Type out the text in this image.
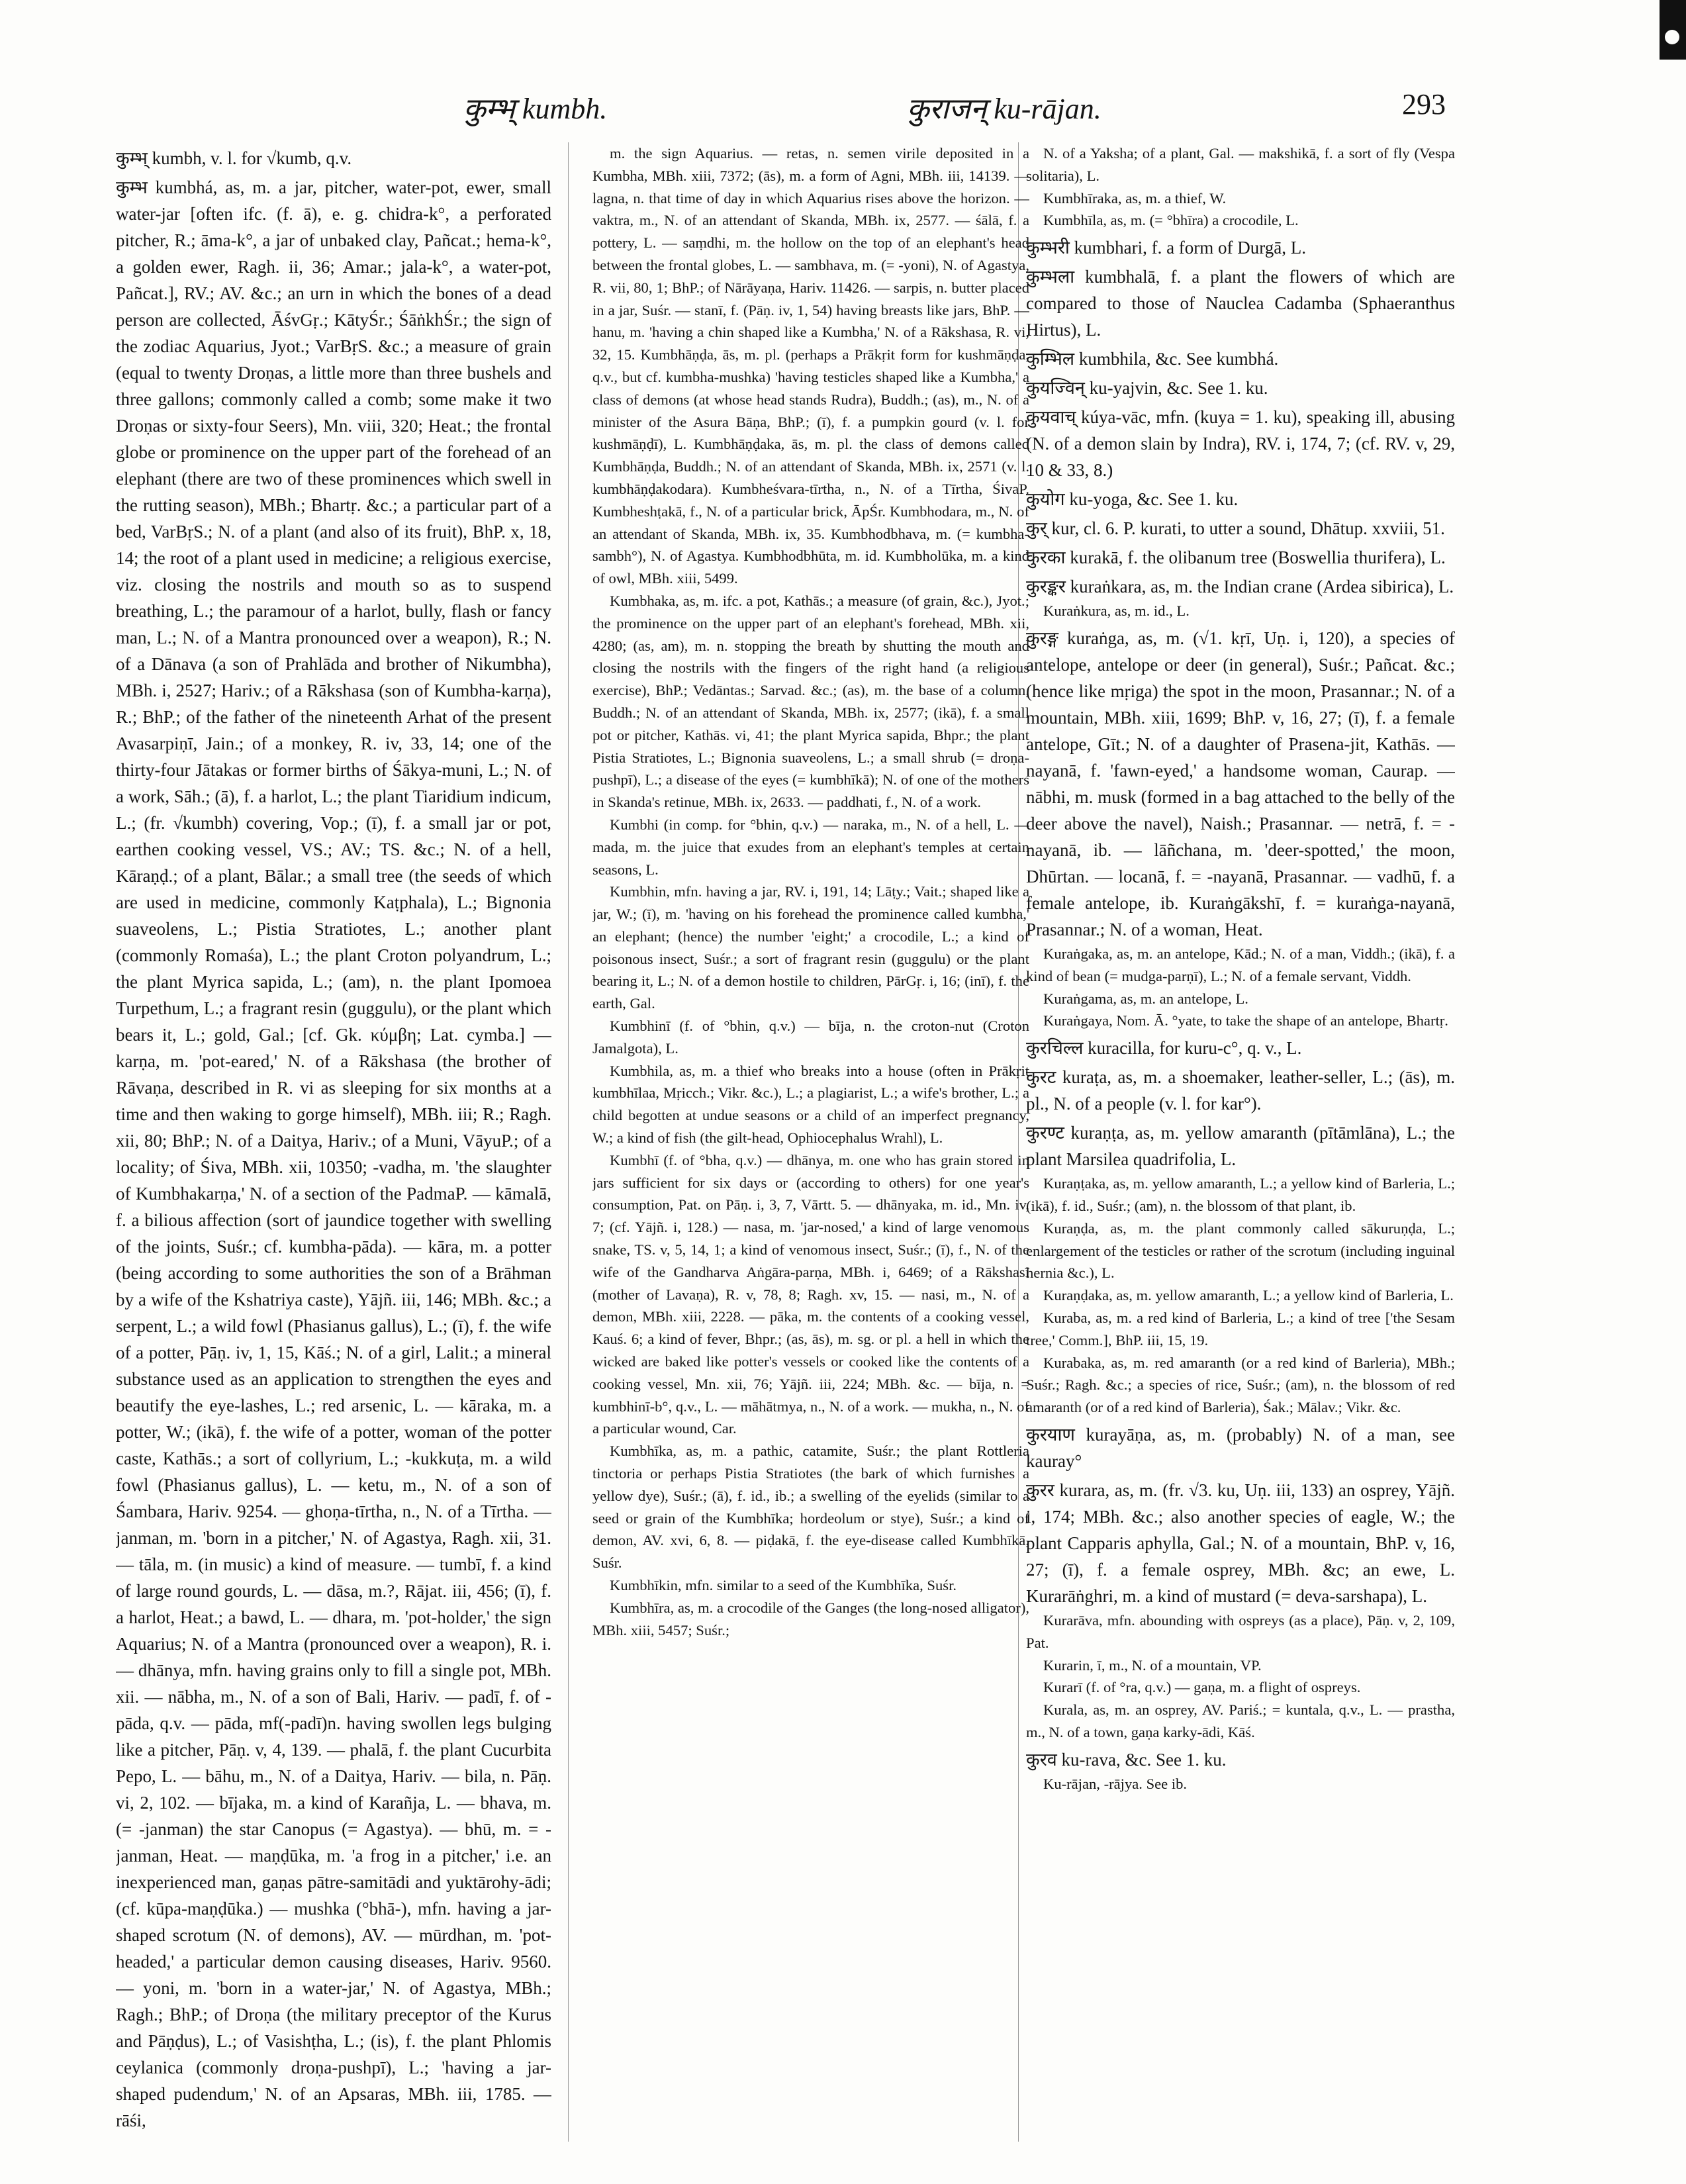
कुम्भ् kumbh.	कुराजन् ku-rājan.	293

कुम्भ् kumbh, v. l. for √kumb, q.v.

कुम्भ kumbhá, as, m. a jar, pitcher, water-pot, ewer, small water-jar [often ifc. (f. ā), e. g. chidra-k°, a perforated pitcher, R.; āma-k°, a jar of unbaked clay, Pañcat.; hema-k°, a golden ewer, Ragh. ii, 36; Amar.; jala-k°, a water-pot, Pañcat.], RV.; AV. &c.; an urn in which the bones of a dead person are collected, ĀśvGṛ.; KātyŚr.; ŚāṅkhŚr.; the sign of the zodiac Aquarius, Jyot.; VarBṛS. &c.; a measure of grain (equal to twenty Droṇas, a little more than three bushels and three gallons; commonly called a comb; some make it two Droṇas or sixty-four Seers), Mn. viii, 320; Heat.; the frontal globe or prominence on the upper part of the forehead of an elephant (there are two of these prominences which swell in the rutting season), MBh.; Bhartṛ. &c.; a particular part of a bed, VarBṛS.; N. of a plant (and also of its fruit), BhP. x, 18, 14; the root of a plant used in medicine; a religious exercise, viz. closing the nostrils and mouth so as to suspend breathing, L.; the paramour of a harlot, bully, flash or fancy man, L.; N. of a Mantra pronounced over a weapon), R.; N. of a Dānava (a son of Prahlāda and brother of Nikumbha), MBh. i, 2527; Hariv.; of a Rākshasa (son of Kumbha-karṇa), R.; BhP.; of the father of the nineteenth Arhat of the present Avasarpiṇī, Jain.; of a monkey, R. iv, 33, 14; one of the thirty-four Jātakas or former births of Śākya-muni, L.; N. of a work, Sāh.; (ā), f. a harlot, L.; the plant Tiaridium indicum, L.; (fr. √kumbh) covering, Vop.; (ī), f. a small jar or pot, earthen cooking vessel, VS.; AV.; TS. &c.; N. of a hell, Kāraṇḍ.; of a plant, Bālar.; a small tree (the seeds of which are used in medicine, commonly Kaṭphala), L.; Bignonia suaveolens, L.; Pistia Stratiotes, L.; another plant (commonly Romaśa), L.; the plant Croton polyandrum, L.; the plant Myrica sapida, L.; (am), n. the plant Ipomoea Turpethum, L.; a fragrant resin (guggulu), or the plant which bears it, L.; gold, Gal.; [cf. Gk. κύμβη; Lat. cymba.] — karṇa, m. 'pot-eared,' N. of a Rākshasa (the brother of Rāvaṇa, described in R. vi as sleeping for six months at a time and then waking to gorge himself), MBh. iii; R.; Ragh. xii, 80; BhP.; N. of a Daitya, Hariv.; of a Muni, VāyuP.; of a locality; of Śiva, MBh. xii, 10350; -vadha, m. 'the slaughter of Kumbhakarṇa,' N. of a section of the PadmaP. — kāmalā, f. a bilious affection (sort of jaundice together with swelling of the joints, Suśr.; cf. kumbha-pāda). — kāra, m. a potter (being according to some authorities the son of a Brāhman by a wife of the Kshatriya caste), Yājñ. iii, 146; MBh. &c.; a serpent, L.; a wild fowl (Phasianus gallus), L.; (ī), f. the wife of a potter, Pāṇ. iv, 1, 15, Kāś.; N. of a girl, Lalit.; a mineral substance used as an application to strengthen the eyes and beautify the eye-lashes, L.; red arsenic, L. — kāraka, m. a potter, W.; (ikā), f. the wife of a potter, woman of the potter caste, Kathās.; a sort of collyrium, L.; -kukkuṭa, m. a wild fowl (Phasianus gallus), L. — ketu, m., N. of a son of Śambara, Hariv. 9254. — ghoṇa-tīrtha, n., N. of a Tīrtha. — janman, m. 'born in a pitcher,' N. of Agastya, Ragh. xii, 31. — tāla, m. (in music) a kind of measure. — tumbī, f. a kind of large round gourds, L. — dāsa, m.?, Rājat. iii, 456; (ī), f. a harlot, Heat.; a bawd, L. — dhara, m. 'pot-holder,' the sign Aquarius; N. of a Mantra (pronounced over a weapon), R. i. — dhānya, mfn. having grains only to fill a single pot, MBh. xii. — nābha, m., N. of a son of Bali, Hariv. — padī, f. of -pāda, q.v. — pāda, mf(-padī)n. having swollen legs bulging like a pitcher, Pāṇ. v, 4, 139. — phalā, f. the plant Cucurbita Pepo, L. — bāhu, m., N. of a Daitya, Hariv. — bila, n. Pāṇ. vi, 2, 102. — bījaka, m. a kind of Karañja, L. — bhava, m. (= -janman) the star Canopus (= Agastya). — bhū, m. = -janman, Heat. — maṇḍūka, m. 'a frog in a pitcher,' i.e. an inexperienced man, gaṇas pātre-samitādi and yuktārohy-ādi; (cf. kūpa-maṇḍūka.) — mushka (°bhā-), mfn. having a jar-shaped scrotum (N. of demons), AV. — mūrdhan, m. 'pot-headed,' a particular demon causing diseases, Hariv. 9560. — yoni, m. 'born in a water-jar,' N. of Agastya, MBh.; Ragh.; BhP.; of Droṇa (the military preceptor of the Kurus and Pāṇḍus), L.; of Vasishṭha, L.; (is), f. the plant Phlomis ceylanica (commonly droṇa-pushpī), L.; 'having a jar-shaped pudendum,' N. of an Apsaras, MBh. iii, 1785. — rāśi,

m. the sign Aquarius. — retas, n. semen virile deposited in a Kumbha, MBh. xiii, 7372; (ās), m. a form of Agni, MBh. iii, 14139. — lagna, n. that time of day in which Aquarius rises above the horizon. — vaktra, m., N. of an attendant of Skanda, MBh. ix, 2577. — śālā, f. a pottery, L. — saṃdhi, m. the hollow on the top of an elephant's head between the frontal globes, L. — sambhava, m. (= -yoni), N. of Agastya, R. vii, 80, 1; BhP.; of Nārāyaṇa, Hariv. 11426. — sarpis, n. butter placed in a jar, Suśr. — stanī, f. (Pāṇ. iv, 1, 54) having breasts like jars, BhP. — hanu, m. 'having a chin shaped like a Kumbha,' N. of a Rākshasa, R. vi, 32, 15. Kumbhāṇḍa, ās, m. pl. (perhaps a Prākṛit form for kushmāṇḍa, q.v., but cf. kumbha-mushka) 'having testicles shaped like a Kumbha,' a class of demons (at whose head stands Rudra), Buddh.; (as), m., N. of a minister of the Asura Bāṇa, BhP.; (ī), f. a pumpkin gourd (v. l. for kushmāṇḍī), L. Kumbhāṇḍaka, ās, m. pl. the class of demons called Kumbhāṇḍa, Buddh.; N. of an attendant of Skanda, MBh. ix, 2571 (v. l. kumbhāṇḍakodara). Kumbheśvara-tīrtha, n., N. of a Tīrtha, ŚivaP. Kumbheshṭakā, f., N. of a particular brick, ĀpŚr. Kumbhodara, m., N. of an attendant of Skanda, MBh. ix, 35. Kumbhodbhava, m. (= kumbha-sambh°), N. of Agastya. Kumbhodbhūta, m. id. Kumbholūka, m. a kind of owl, MBh. xiii, 5499.

Kumbhaka, as, m. ifc. a pot, Kathās.; a measure (of grain, &c.), Jyot.; the prominence on the upper part of an elephant's forehead, MBh. xii, 4280; (as, am), m. n. stopping the breath by shutting the mouth and closing the nostrils with the fingers of the right hand (a religious exercise), BhP.; Vedāntas.; Sarvad. &c.; (as), m. the base of a column, Buddh.; N. of an attendant of Skanda, MBh. ix, 2577; (ikā), f. a small pot or pitcher, Kathās. vi, 41; the plant Myrica sapida, Bhpr.; the plant Pistia Stratiotes, L.; Bignonia suaveolens, L.; a small shrub (= droṇa-pushpī), L.; a disease of the eyes (= kumbhīkā); N. of one of the mothers in Skanda's retinue, MBh. ix, 2633. — paddhati, f., N. of a work.

Kumbhi (in comp. for °bhin, q.v.) — naraka, m., N. of a hell, L. — mada, m. the juice that exudes from an elephant's temples at certain seasons, L.

Kumbhin, mfn. having a jar, RV. i, 191, 14; Lāṭy.; Vait.; shaped like a jar, W.; (ī), m. 'having on his forehead the prominence called kumbha,' an elephant; (hence) the number 'eight;' a crocodile, L.; a kind of poisonous insect, Suśr.; a sort of fragrant resin (guggulu) or the plant bearing it, L.; N. of a demon hostile to children, PārGṛ. i, 16; (inī), f. the earth, Gal.

Kumbhinī (f. of °bhin, q.v.) — bīja, n. the croton-nut (Croton Jamalgota), L.

Kumbhila, as, m. a thief who breaks into a house (often in Prākṛit kumbhīlaa, Mṛicch.; Vikr. &c.), L.; a plagiarist, L.; a wife's brother, L.; a child begotten at undue seasons or a child of an imperfect pregnancy, W.; a kind of fish (the gilt-head, Ophiocephalus Wrahl), L.

Kumbhī (f. of °bha, q.v.) — dhānya, m. one who has grain stored in jars sufficient for six days or (according to others) for one year's consumption, Pat. on Pāṇ. i, 3, 7, Vārtt. 5. — dhānyaka, m. id., Mn. iv, 7; (cf. Yājñ. i, 128.) — nasa, m. 'jar-nosed,' a kind of large venomous snake, TS. v, 5, 14, 1; a kind of venomous insect, Suśr.; (ī), f., N. of the wife of the Gandharva Aṅgāra-parṇa, MBh. i, 6469; of a Rākshasī (mother of Lavaṇa), R. v, 78, 8; Ragh. xv, 15. — nasi, m., N. of a demon, MBh. xiii, 2228. — pāka, m. the contents of a cooking vessel, Kauś. 6; a kind of fever, Bhpr.; (as, ās), m. sg. or pl. a hell in which the wicked are baked like potter's vessels or cooked like the contents of a cooking vessel, Mn. xii, 76; Yājñ. iii, 224; MBh. &c. — bīja, n. = kumbhinī-b°, q.v., L. — māhātmya, n., N. of a work. — mukha, n., N. of a particular wound, Car.

Kumbhīka, as, m. a pathic, catamite, Suśr.; the plant Rottleria tinctoria or perhaps Pistia Stratiotes (the bark of which furnishes a yellow dye), Suśr.; (ā), f. id., ib.; a swelling of the eyelids (similar to a seed or grain of the Kumbhīka; hordeolum or stye), Suśr.; a kind of demon, AV. xvi, 6, 8. — piḍakā, f. the eye-disease called Kumbhīkā, Suśr.

Kumbhīkin, mfn. similar to a seed of the Kumbhīka, Suśr.

Kumbhīra, as, m. a crocodile of the Ganges (the long-nosed alligator), MBh. xiii, 5457; Suśr.;

N. of a Yaksha; of a plant, Gal. — makshikā, f. a sort of fly (Vespa solitaria), L.

Kumbhīraka, as, m. a thief, W.

Kumbhīla, as, m. (= °bhīra) a crocodile, L.

कुम्भरी kumbhari, f. a form of Durgā, L.

कुम्भला kumbhalā, f. a plant the flowers of which are compared to those of Nauclea Cadamba (Sphaeranthus Hirtus), L.

कुम्भिल kumbhila, &c. See kumbhá.

कुयज्विन् ku-yajvin, &c. See 1. ku.

कुयवाच् kúya-vāc, mfn. (kuya = 1. ku), speaking ill, abusing (N. of a demon slain by Indra), RV. i, 174, 7; (cf. RV. v, 29, 10 & 33, 8.)

कुयोग ku-yoga, &c. See 1. ku.

कुर् kur, cl. 6. P. kurati, to utter a sound, Dhātup. xxviii, 51.

कुरका kurakā, f. the olibanum tree (Boswellia thurifera), L.

कुरङ्कर kuraṅkara, as, m. the Indian crane (Ardea sibirica), L.

Kuraṅkura, as, m. id., L.

कुरङ्ग kuraṅga, as, m. (√1. kṛī, Uṇ. i, 120), a species of antelope, antelope or deer (in general), Suśr.; Pañcat. &c.; (hence like mṛiga) the spot in the moon, Prasannar.; N. of a mountain, MBh. xiii, 1699; BhP. v, 16, 27; (ī), f. a female antelope, Gīt.; N. of a daughter of Prasena-jit, Kathās. — nayanā, f. 'fawn-eyed,' a handsome woman, Caurap. — nābhi, m. musk (formed in a bag attached to the belly of the deer above the navel), Naish.; Prasannar. — netrā, f. = -nayanā, ib. — lāñchana, m. 'deer-spotted,' the moon, Dhūrtan. — locanā, f. = -nayanā, Prasannar. — vadhū, f. a female antelope, ib. Kuraṅgākshī, f. = kuraṅga-nayanā, Prasannar.; N. of a woman, Heat.

Kuraṅgaka, as, m. an antelope, Kād.; N. of a man, Viddh.; (ikā), f. a kind of bean (= mudga-parṇī), L.; N. of a female servant, Viddh.

Kuraṅgama, as, m. an antelope, L.

Kuraṅgaya, Nom. Ā. °yate, to take the shape of an antelope, Bhartṛ.

कुरचिल्ल kuracilla, for kuru-c°, q. v., L.

कुरट kuraṭa, as, m. a shoemaker, leather-seller, L.; (ās), m. pl., N. of a people (v. l. for kar°).

कुरण्ट kuraṇṭa, as, m. yellow amaranth (pītāmlāna), L.; the plant Marsilea quadrifolia, L.

Kuraṇṭaka, as, m. yellow amaranth, L.; a yellow kind of Barleria, L.; (ikā), f. id., Suśr.; (am), n. the blossom of that plant, ib.

Kuraṇḍa, as, m. the plant commonly called sākuruṇḍa, L.; enlargement of the testicles or rather of the scrotum (including inguinal hernia &c.), L.

Kuraṇḍaka, as, m. yellow amaranth, L.; a yellow kind of Barleria, L.

Kuraba, as, m. a red kind of Barleria, L.; a kind of tree ['the Sesam tree,' Comm.], BhP. iii, 15, 19.

Kurabaka, as, m. red amaranth (or a red kind of Barleria), MBh.; Suśr.; Ragh. &c.; a species of rice, Suśr.; (am), n. the blossom of red amaranth (or of a red kind of Barleria), Śak.; Mālav.; Vikr. &c.

कुरयाण kurayāṇa, as, m. (probably) N. of a man, see kauray°

कुरर kurara, as, m. (fr. √3. ku, Uṇ. iii, 133) an osprey, Yājñ. i, 174; MBh. &c.; also another species of eagle, W.; the plant Capparis aphylla, Gal.; N. of a mountain, BhP. v, 16, 27; (ī), f. a female osprey, MBh. &c; an ewe, L. Kurarāṅghri, m. a kind of mustard (= deva-sarshapa), L.

Kurarāva, mfn. abounding with ospreys (as a place), Pāṇ. v, 2, 109, Pat.

Kurarin, ī, m., N. of a mountain, VP.

Kurarī (f. of °ra, q.v.) — gaṇa, m. a flight of ospreys.

Kurala, as, m. an osprey, AV. Pariś.; = kuntala, q.v., L. — prastha, m., N. of a town, gaṇa karky-ādi, Kāś.

कुरव ku-rava, &c. See 1. ku.

Ku-rājan, -rājya. See ib.
